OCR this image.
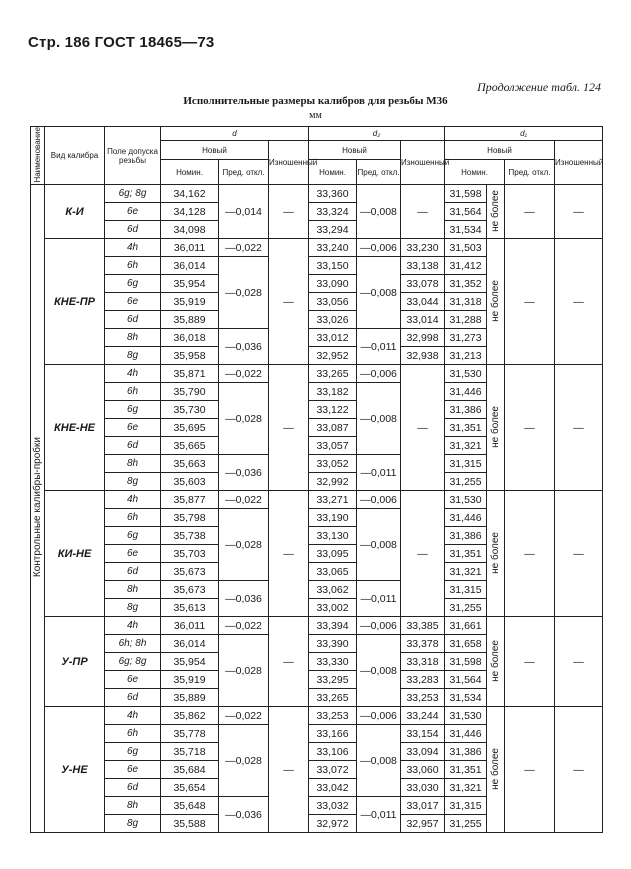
Стр. 186 ГОСТ 18465—73
Продолжение табл. 124
Исполнительные размеры калибров для резьбы М36
мм
Наименование	Вид калибра	Поле допуска резьбы	d			d₂			d₁			
			Новый		Изношенный	Новый		Изношенный	Новый			Изношенный
			Номин.	Пред. откл.		Номин.	Пред. откл.		Номин.		Пред. откл.	
Контрольные калибры-пробки	К-И	6g; 8g	34,162	—0,014	—	33,360	—0,008	—	31,598	не более	—	—
		6e	34,128			33,324			31,564			
		6d	34,098			33,294			31,534			
	КНЕ-ПР	4h	36,011	—0,022	—	33,240	—0,006	33,230	31,503	не более	—	—
		6h	36,014	—0,028		33,150	—0,008	33,138	31,412			
		6g	35,954			33,090		33,078	31,352			
		6e	35,919			33,056		33,044	31,318			
		6d	35,889			33,026		33,014	31,288			
		8h	36,018	—0,036		33,012	—0,011	32,998	31,273			
		8g	35,958			32,952		32,938	31,213			
	КНЕ-НЕ	4h	35,871	—0,022	—	33,265	—0,006	—	31,530	не более	—	—
		6h	35,790	—0,028		33,182	—0,008		31,446			
		6g	35,730			33,122			31,386			
		6e	35,695			33,087			31,351			
		6d	35,665			33,057			31,321			
		8h	35,663	—0,036		33,052	—0,011		31,315			
		8g	35,603			32,992			31,255			
	КИ-НЕ	4h	35,877	—0,022	—	33,271	—0,006	—	31,530	не более	—	—
		6h	35,798	—0,028		33,190	—0,008		31,446			
		6g	35,738			33,130			31,386			
		6e	35,703			33,095			31,351			
		6d	35,673			33,065			31,321			
		8h	35,673	—0,036		33,062	—0,011		31,315			
		8g	35,613			33,002			31,255			
	У-ПР	4h	36,011	—0,022	—	33,394	—0,006	33,385	31,661	не более	—	—
		6h; 8h	36,014	—0,028		33,390	—0,008	33,378	31,658			
		6g; 8g	35,954			33,330		33,318	31,598			
		6e	35,919			33,295		33,283	31,564			
		6d	35,889			33,265		33,253	31,534			
	У-НЕ	4h	35,862	—0,022	—	33,253	—0,006	33,244	31,530	не более	—	—
		6h	35,778	—0,028		33,166	—0,008	33,154	31,446			
		6g	35,718			33,106		33,094	31,386			
		6e	35,684			33,072		33,060	31,351			
		6d	35,654			33,042		33,030	31,321			
		8h	35,648	—0,036		33,032	—0,011	33,017	31,315			
		8g	35,588			32,972		32,957	31,255			
